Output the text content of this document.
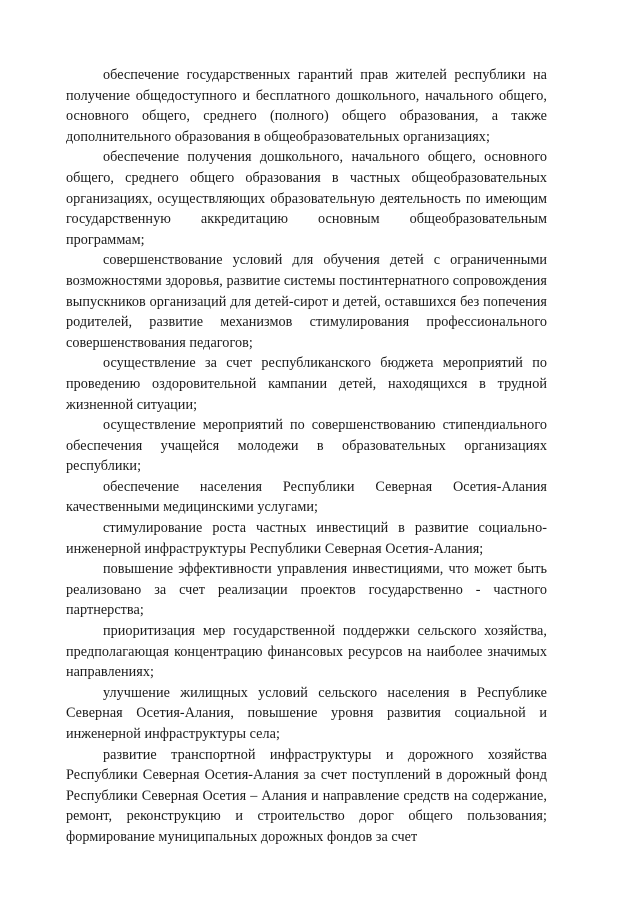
обеспечение государственных гарантий прав жителей республики на получение общедоступного и бесплатного дошкольного, начального общего, основного общего, среднего (полного) общего образования, а также дополнительного образования в общеобразовательных организациях;

обеспечение получения дошкольного, начального общего, основного общего, среднего общего образования в частных общеобразовательных организациях, осуществляющих образовательную деятельность по имеющим государственную аккредитацию основным общеобразовательным программам;

совершенствование условий для обучения детей с ограниченными возможностями здоровья, развитие системы постинтернатного сопровождения выпускников организаций для детей-сирот и детей, оставшихся без попечения родителей, развитие механизмов стимулирования профессионального совершенствования педагогов;

осуществление за счет республиканского бюджета мероприятий по проведению оздоровительной кампании детей, находящихся в трудной жизненной ситуации;

осуществление мероприятий по совершенствованию стипендиального обеспечения учащейся молодежи в образовательных организациях республики;

обеспечение населения Республики Северная Осетия-Алания качественными медицинскими услугами;

стимулирование роста частных инвестиций в развитие социально-инженерной инфраструктуры Республики Северная Осетия-Алания;

повышение эффективности управления инвестициями, что может быть реализовано за счет реализации проектов государственно - частного партнерства;

приоритизация мер государственной поддержки сельского хозяйства, предполагающая концентрацию финансовых ресурсов на наиболее значимых направлениях;

улучшение жилищных условий сельского населения в Республике Северная Осетия-Алания, повышение уровня развития социальной и инженерной инфраструктуры села;

развитие транспортной инфраструктуры и дорожного хозяйства Республики Северная Осетия-Алания за счет поступлений в дорожный фонд Республики Северная Осетия – Алания и направление средств на содержание, ремонт, реконструкцию и строительство дорог общего пользования; формирование муниципальных дорожных фондов за счет
